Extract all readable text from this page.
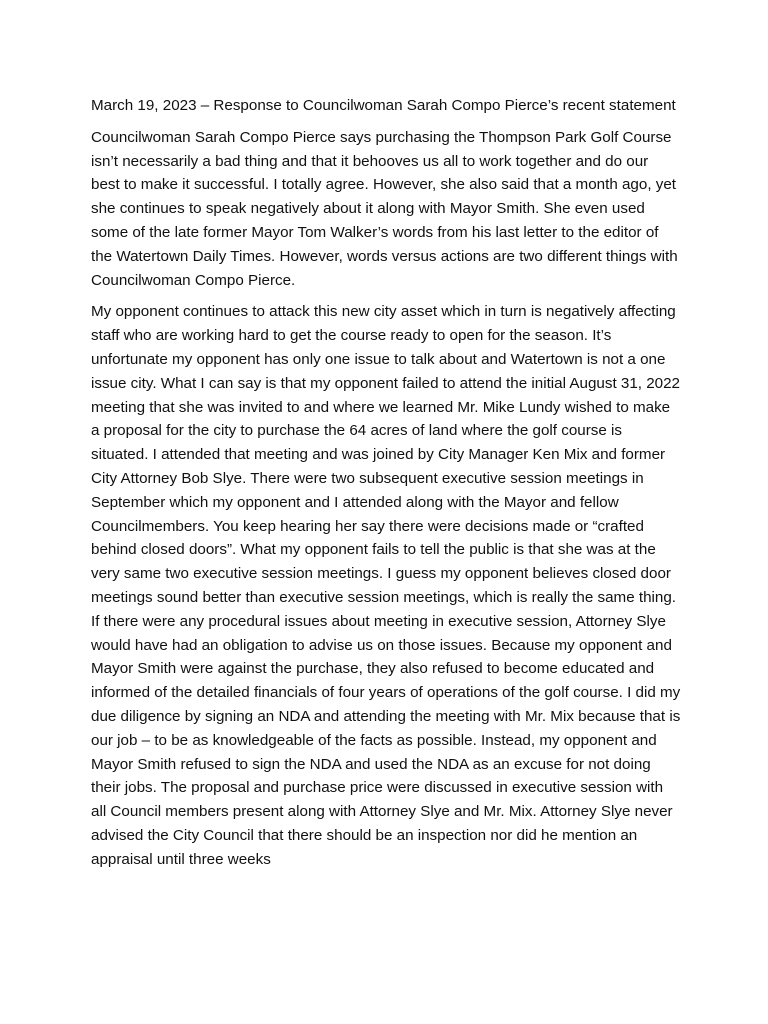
March 19, 2023 – Response to Councilwoman Sarah Compo Pierce’s recent statement

Councilwoman Sarah Compo Pierce says purchasing the Thompson Park Golf Course isn’t necessarily a bad thing and that it behooves us all to work together and do our best to make it successful. I totally agree. However, she also said that a month ago, yet she continues to speak negatively about it along with Mayor Smith. She even used some of the late former Mayor Tom Walker’s words from his last letter to the editor of the Watertown Daily Times. However, words versus actions are two different things with Councilwoman Compo Pierce.

My opponent continues to attack this new city asset which in turn is negatively affecting staff who are working hard to get the course ready to open for the season. It’s unfortunate my opponent has only one issue to talk about and Watertown is not a one issue city. What I can say is that my opponent failed to attend the initial August 31, 2022 meeting that she was invited to and where we learned Mr. Mike Lundy wished to make a proposal for the city to purchase the 64 acres of land where the golf course is situated. I attended that meeting and was joined by City Manager Ken Mix and former City Attorney Bob Slye. There were two subsequent executive session meetings in September which my opponent and I attended along with the Mayor and fellow Councilmembers. You keep hearing her say there were decisions made or “crafted behind closed doors”. What my opponent fails to tell the public is that she was at the very same two executive session meetings. I guess my opponent believes closed door meetings sound better than executive session meetings, which is really the same thing. If there were any procedural issues about meeting in executive session, Attorney Slye would have had an obligation to advise us on those issues. Because my opponent and Mayor Smith were against the purchase, they also refused to become educated and informed of the detailed financials of four years of operations of the golf course. I did my due diligence by signing an NDA and attending the meeting with Mr. Mix because that is our job – to be as knowledgeable of the facts as possible. Instead, my opponent and Mayor Smith refused to sign the NDA and used the NDA as an excuse for not doing their jobs. The proposal and purchase price were discussed in executive session with all Council members present along with Attorney Slye and Mr. Mix. Attorney Slye never advised the City Council that there should be an inspection nor did he mention an appraisal until three weeks
